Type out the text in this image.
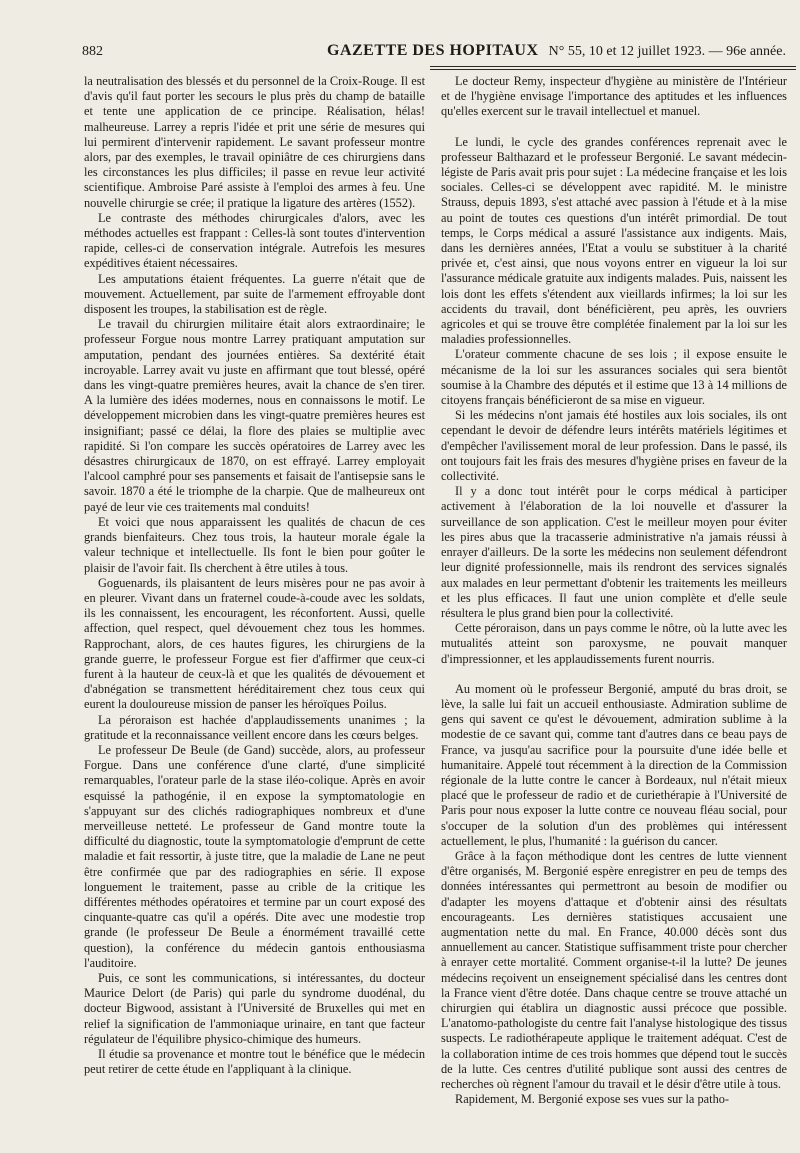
882	GAZETTE DES HOPITAUX N° 55, 10 et 12 juillet 1923. — 96e année.

la neutralisation des blessés et du personnel de la Croix-Rouge. Il est d'avis qu'il faut porter les secours le plus près du champ de bataille et tente une application de ce principe. Réalisation, hélas! malheureuse. Larrey a repris l'idée et prit une série de mesures qui lui permirent d'intervenir rapidement. Le savant professeur montre alors, par des exemples, le travail opiniâtre de ces chirurgiens dans les circonstances les plus difficiles; il passe en revue leur activité scientifique. Ambroise Paré assiste à l'emploi des armes à feu. Une nouvelle chirurgie se crée; il pratique la ligature des artères (1552).

Le contraste des méthodes chirurgicales d'alors, avec les méthodes actuelles est frappant : Celles-là sont toutes d'intervention rapide, celles-ci de conservation intégrale. Autrefois les mesures expéditives étaient nécessaires.

Les amputations étaient fréquentes. La guerre n'était que de mouvement. Actuellement, par suite de l'armement effroyable dont disposent les troupes, la stabilisation est de règle.

Le travail du chirurgien militaire était alors extraordinaire; le professeur Forgue nous montre Larrey pratiquant amputation sur amputation, pendant des journées entières. Sa dextérité était incroyable. Larrey avait vu juste en affirmant que tout blessé, opéré dans les vingt-quatre premières heures, avait la chance de s'en tirer. A la lumière des idées modernes, nous en connaissons le motif. Le développement microbien dans les vingt-quatre premières heures est insignifiant; passé ce délai, la flore des plaies se multiplie avec rapidité. Si l'on compare les succès opératoires de Larrey avec les désastres chirurgicaux de 1870, on est effrayé. Larrey employait l'alcool camphré pour ses pansements et faisait de l'antisepsie sans le savoir. 1870 a été le triomphe de la charpie. Que de malheureux ont payé de leur vie ces traitements mal conduits!

Et voici que nous apparaissent les qualités de chacun de ces grands bienfaiteurs. Chez tous trois, la hauteur morale égale la valeur technique et intellectuelle. Ils font le bien pour goûter le plaisir de l'avoir fait. Ils cherchent à être utiles à tous.

Goguenards, ils plaisantent de leurs misères pour ne pas avoir à en pleurer. Vivant dans un fraternel coude-à-coude avec les soldats, ils les connaissent, les encouragent, les réconfortent. Aussi, quelle affection, quel respect, quel dévouement chez tous les hommes. Rapprochant, alors, de ces hautes figures, les chirurgiens de la grande guerre, le professeur Forgue est fier d'affirmer que ceux-ci furent à la hauteur de ceux-là et que les qualités de dévouement et d'abnégation se transmettent héréditairement chez tous ceux qui eurent la douloureuse mission de panser les héroïques Poilus.

La péroraison est hachée d'applaudissements unanimes ; la gratitude et la reconnaissance veillent encore dans les cœurs belges.

Le professeur De Beule (de Gand) succède, alors, au professeur Forgue. Dans une conférence d'une clarté, d'une simplicité remarquables, l'orateur parle de la stase iléo-colique. Après en avoir esquissé la pathogénie, il en expose la symptomatologie en s'appuyant sur des clichés radiographiques nombreux et d'une merveilleuse netteté. Le professeur de Gand montre toute la difficulté du diagnostic, toute la symptomatologie d'emprunt de cette maladie et fait ressortir, à juste titre, que la maladie de Lane ne peut être confirmée que par des radiographies en série. Il expose longuement le traitement, passe au crible de la critique les différentes méthodes opératoires et termine par un court exposé des cinquante-quatre cas qu'il a opérés. Dite avec une modestie trop grande (le professeur De Beule a énormément travaillé cette question), la conférence du médecin gantois enthousiasma l'auditoire.

Puis, ce sont les communications, si intéressantes, du docteur Maurice Delort (de Paris) qui parle du syndrome duodénal, du docteur Bigwood, assistant à l'Université de Bruxelles qui met en relief la signification de l'ammoniaque urinaire, en tant que facteur régulateur de l'équilibre physico-chimique des humeurs.

Il étudie sa provenance et montre tout le bénéfice que le médecin peut retirer de cette étude en l'appliquant à la clinique.

Le docteur Remy, inspecteur d'hygiène au ministère de l'Intérieur et de l'hygiène envisage l'importance des aptitudes et les influences qu'elles exercent sur le travail intellectuel et manuel.

Le lundi, le cycle des grandes conférences reprenait avec le professeur Balthazard et le professeur Bergonié. Le savant médecin-légiste de Paris avait pris pour sujet : La médecine française et les lois sociales. Celles-ci se développent avec rapidité. M. le ministre Strauss, depuis 1893, s'est attaché avec passion à l'étude et à la mise au point de toutes ces questions d'un intérêt primordial. De tout temps, le Corps médical a assuré l'assistance aux indigents. Mais, dans les dernières années, l'Etat a voulu se substituer à la charité privée et, c'est ainsi, que nous voyons entrer en vigueur la loi sur l'assurance médicale gratuite aux indigents malades. Puis, naissent les lois dont les effets s'étendent aux vieillards infirmes; la loi sur les accidents du travail, dont bénéficièrent, peu après, les ouvriers agricoles et qui se trouve être complétée finalement par la loi sur les maladies professionnelles.

L'orateur commente chacune de ses lois ; il expose ensuite le mécanisme de la loi sur les assurances sociales qui sera bientôt soumise à la Chambre des députés et il estime que 13 à 14 millions de citoyens français bénéficieront de sa mise en vigueur.

Si les médecins n'ont jamais été hostiles aux lois sociales, ils ont cependant le devoir de défendre leurs intérêts matériels légitimes et d'empêcher l'avilissement moral de leur profession. Dans le passé, ils ont toujours fait les frais des mesures d'hygiène prises en faveur de la collectivité.

Il y a donc tout intérêt pour le corps médical à participer activement à l'élaboration de la loi nouvelle et d'assurer la surveillance de son application. C'est le meilleur moyen pour éviter les pires abus que la tracasserie administrative n'a jamais réussi à enrayer d'ailleurs. De la sorte les médecins non seulement défendront leur dignité professionnelle, mais ils rendront des services signalés aux malades en leur permettant d'obtenir les traitements les meilleurs et les plus efficaces. Il faut une union complète et d'elle seule résultera le plus grand bien pour la collectivité.

Cette péroraison, dans un pays comme le nôtre, où la lutte avec les mutualités atteint son paroxysme, ne pouvait manquer d'impressionner, et les applaudissements furent nourris.

Au moment où le professeur Bergonié, amputé du bras droit, se lève, la salle lui fait un accueil enthousiaste. Admiration sublime de gens qui savent ce qu'est le dévouement, admiration sublime à la modestie de ce savant qui, comme tant d'autres dans ce beau pays de France, va jusqu'au sacrifice pour la poursuite d'une idée belle et humanitaire. Appelé tout récemment à la direction de la Commission régionale de la lutte contre le cancer à Bordeaux, nul n'était mieux placé que le professeur de radio et de curiethérapie à l'Université de Paris pour nous exposer la lutte contre ce nouveau fléau social, pour s'occuper de la solution d'un des problèmes qui intéressent actuellement, le plus, l'humanité : la guérison du cancer.

Grâce à la façon méthodique dont les centres de lutte viennent d'être organisés, M. Bergonié espère enregistrer en peu de temps des données intéressantes qui permettront au besoin de modifier ou d'adapter les moyens d'attaque et d'obtenir ainsi des résultats encourageants. Les dernières statistiques accusaient une augmentation nette du mal. En France, 40.000 décès sont dus annuellement au cancer. Statistique suffisamment triste pour chercher à enrayer cette mortalité. Comment organise-t-il la lutte? De jeunes médecins reçoivent un enseignement spécialisé dans les centres dont la France vient d'être dotée. Dans chaque centre se trouve attaché un chirurgien qui établira un diagnostic aussi précoce que possible. L'anatomo-pathologiste du centre fait l'analyse histologique des tissus suspects. Le radiothérapeute applique le traitement adéquat. C'est de la collaboration intime de ces trois hommes que dépend tout le succès de la lutte. Ces centres d'utilité publique sont aussi des centres de recherches où règnent l'amour du travail et le désir d'être utile à tous.

Rapidement, M. Bergonié expose ses vues sur la patho-
